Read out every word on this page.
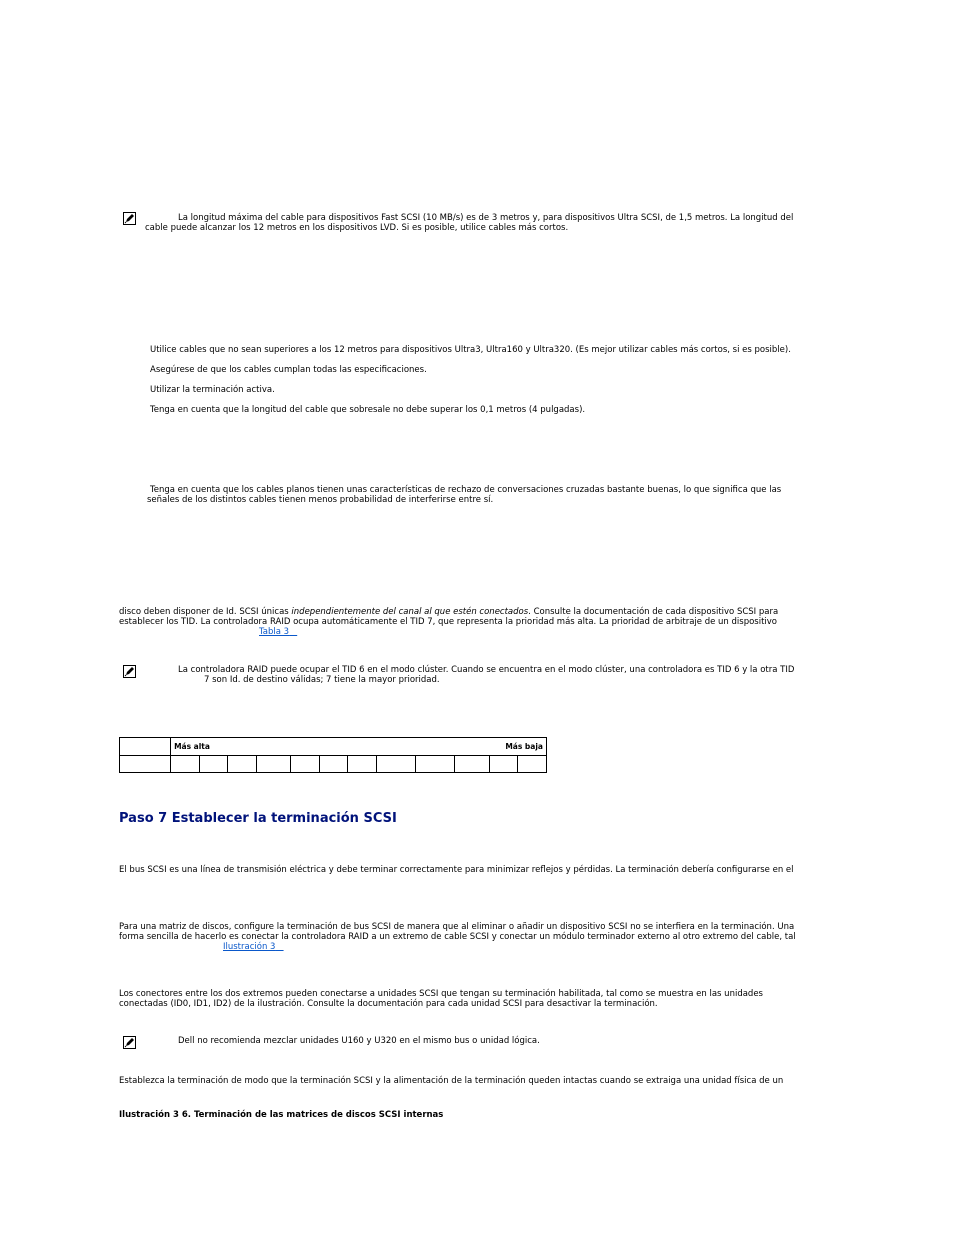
La longitud máxima del cable para dispositivos Fast SCSI (10 MB/s) es de 3 metros y, para dispositivos Ultra SCSI, de 1,5 metros. La longitud del
cable puede alcanzar los 12 metros en los dispositivos LVD. Si es posible, utilice cables más cortos.
Utilice cables que no sean superiores a los 12 metros para dispositivos Ultra3, Ultra160 y Ultra320. (Es mejor utilizar cables más cortos, si es posible).
Asegúrese de que los cables cumplan todas las especificaciones.
Utilizar la terminación activa.
Tenga en cuenta que la longitud del cable que sobresale no debe superar los 0,1 metros (4 pulgadas).
Tenga en cuenta que los cables planos tienen unas características de rechazo de conversaciones cruzadas bastante buenas, lo que significa que las
señales de los distintos cables tienen menos probabilidad de interferirse entre sí.
disco deben disponer de Id. SCSI únicas independientemente del canal al que estén conectados. Consulte la documentación de cada dispositivo SCSI para
establecer los TID. La controladora RAID ocupa automáticamente el TID 7, que representa la prioridad más alta. La prioridad de arbitraje de un dispositivo
Tabla 3
La controladora RAID puede ocupar el TID 6 en el modo clúster. Cuando se encuentra en el modo clúster, una controladora es TID 6 y la otra TID
7 son Id. de destino válidas; 7 tiene la mayor prioridad.

	Más alta Más baja											

Paso 7 Establecer la terminación SCSI
El bus SCSI es una línea de transmisión eléctrica y debe terminar correctamente para minimizar reflejos y pérdidas. La terminación debería configurarse en el
Para una matriz de discos, configure la terminación de bus SCSI de manera que al eliminar o añadir un dispositivo SCSI no se interfiera en la terminación. Una
forma sencilla de hacerlo es conectar la controladora RAID a un extremo de cable SCSI y conectar un módulo terminador externo al otro extremo del cable, tal
Ilustración 3
Los conectores entre los dos extremos pueden conectarse a unidades SCSI que tengan su terminación habilitada, tal como se muestra en las unidades
conectadas (ID0, ID1, ID2) de la ilustración. Consulte la documentación para cada unidad SCSI para desactivar la terminación.
Dell no recomienda mezclar unidades U160 y U320 en el mismo bus o unidad lógica.
Establezca la terminación de modo que la terminación SCSI y la alimentación de la terminación queden intactas cuando se extraiga una unidad física de un
Ilustración 3 6. Terminación de las matrices de discos SCSI internas
